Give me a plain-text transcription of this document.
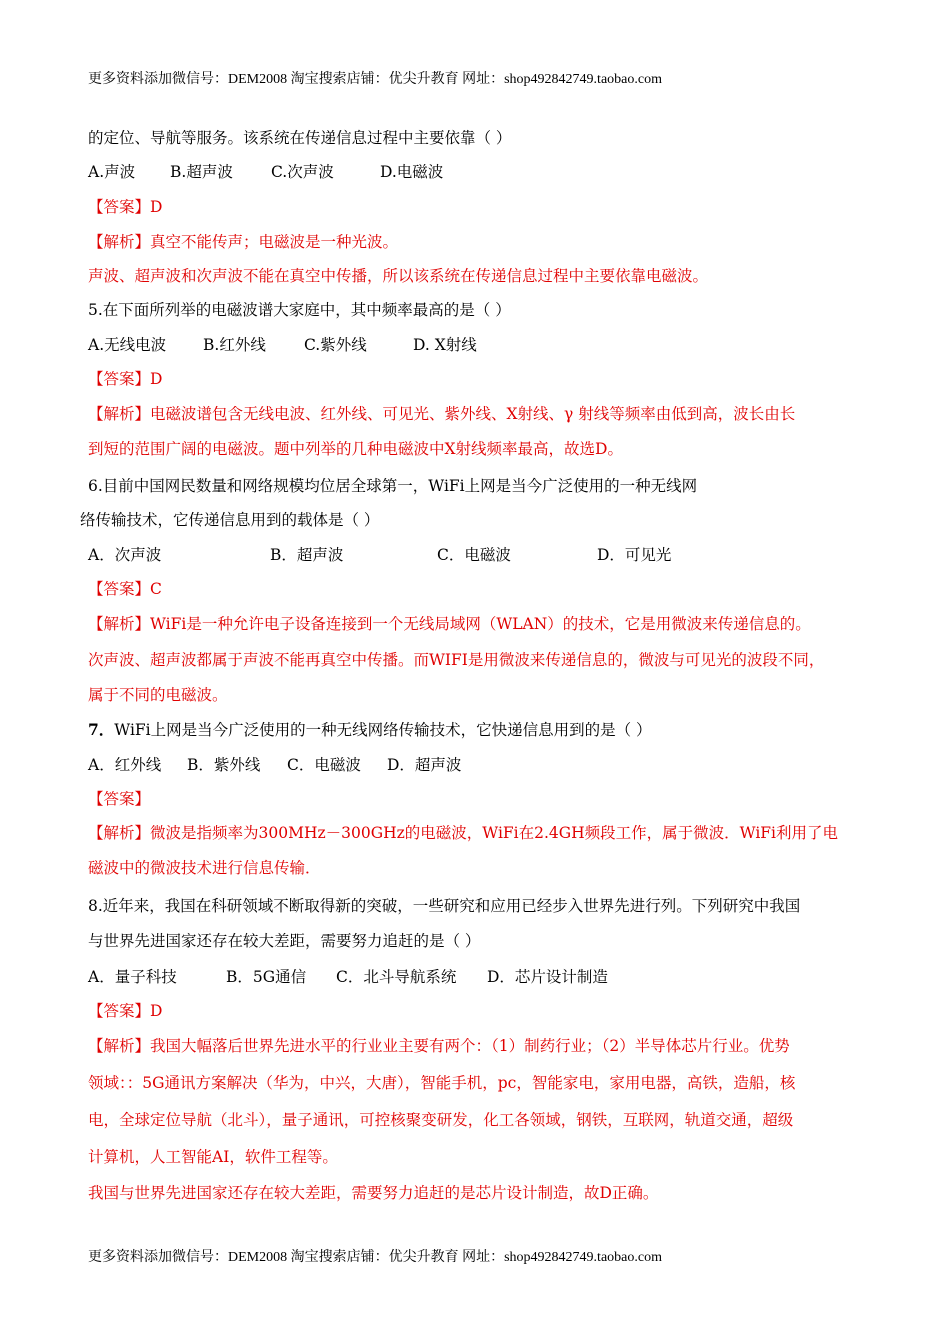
更多资料添加微信号：DEM2008 淘宝搜索店铺：优尖升教育 网址：shop492842749.taobao.com

的定位、导航等服务。该系统在传递信息过程中主要依靠（ ）

A.声波 B.超声波 C.次声波	D.电磁波

【答案】D

【解析】真空不能传声；电磁波是一种光波。

声波、超声波和次声波不能在真空中传播，所以该系统在传递信息过程中主要依靠电磁波。

5.在下面所列举的电磁波谱大家庭中，其中频率最高的是（ ）

A.无线电波 B.红外线 C.紫外线	D. X射线

【答案】D

【解析】电磁波谱包含无线电波、红外线、可见光、紫外线、X射线、γ 射线等频率由低到高，波长由长

到短的范围广阔的电磁波。题中列举的几种电磁波中X射线频率最高，故选D。

6.目前中国网民数量和网络规模均位居全球第一，WiFi上网是当今广泛使用的一种无线网

络传输技术，它传递信息用到的载体是（ ）

A．次声波	B．超声波	C．电磁波	D．可见光

【答案】C

【解析】WiFi是一种允许电子设备连接到一个无线局域网（WLAN）的技术，它是用微波来传递信息的。

次声波、超声波都属于声波不能再真空中传播。而WIFI是用微波来传递信息的，微波与可见光的波段不同，

属于不同的电磁波。

7．WiFi上网是当今广泛使用的一种无线网络传输技术，它快递信息用到的是（ ）

A．红外线 B．紫外线 C．电磁波 D．超声波

【答案】

【解析】微波是指频率为300MHz－300GHz的电磁波，WiFi在2.4GH频段工作，属于微波．WiFi利用了电

磁波中的微波技术进行信息传输．

8.近年来，我国在科研领域不断取得新的突破，一些研究和应用已经步入世界先进行列。下列研究中我国

与世界先进国家还存在较大差距，需要努力追赶的是（ ）

A．量子科技	B．5G通信 C．北斗导航系统 D．芯片设计制造

【答案】D

【解析】我国大幅落后世界先进水平的行业业主要有两个：（1）制药行业；（2）半导体芯片行业。优势

领域：：5G通讯方案解决（华为，中兴，大唐），智能手机，pc，智能家电，家用电器，高铁，造船，核

电，全球定位导航（北斗），量子通讯，可控核聚变研发，化工各领域，钢铁，互联网，轨道交通，超级

计算机，人工智能AI，软件工程等。

我国与世界先进国家还存在较大差距，需要努力追赶的是芯片设计制造，故D正确。

更多资料添加微信号：DEM2008 淘宝搜索店铺：优尖升教育 网址：shop492842749.taobao.com
